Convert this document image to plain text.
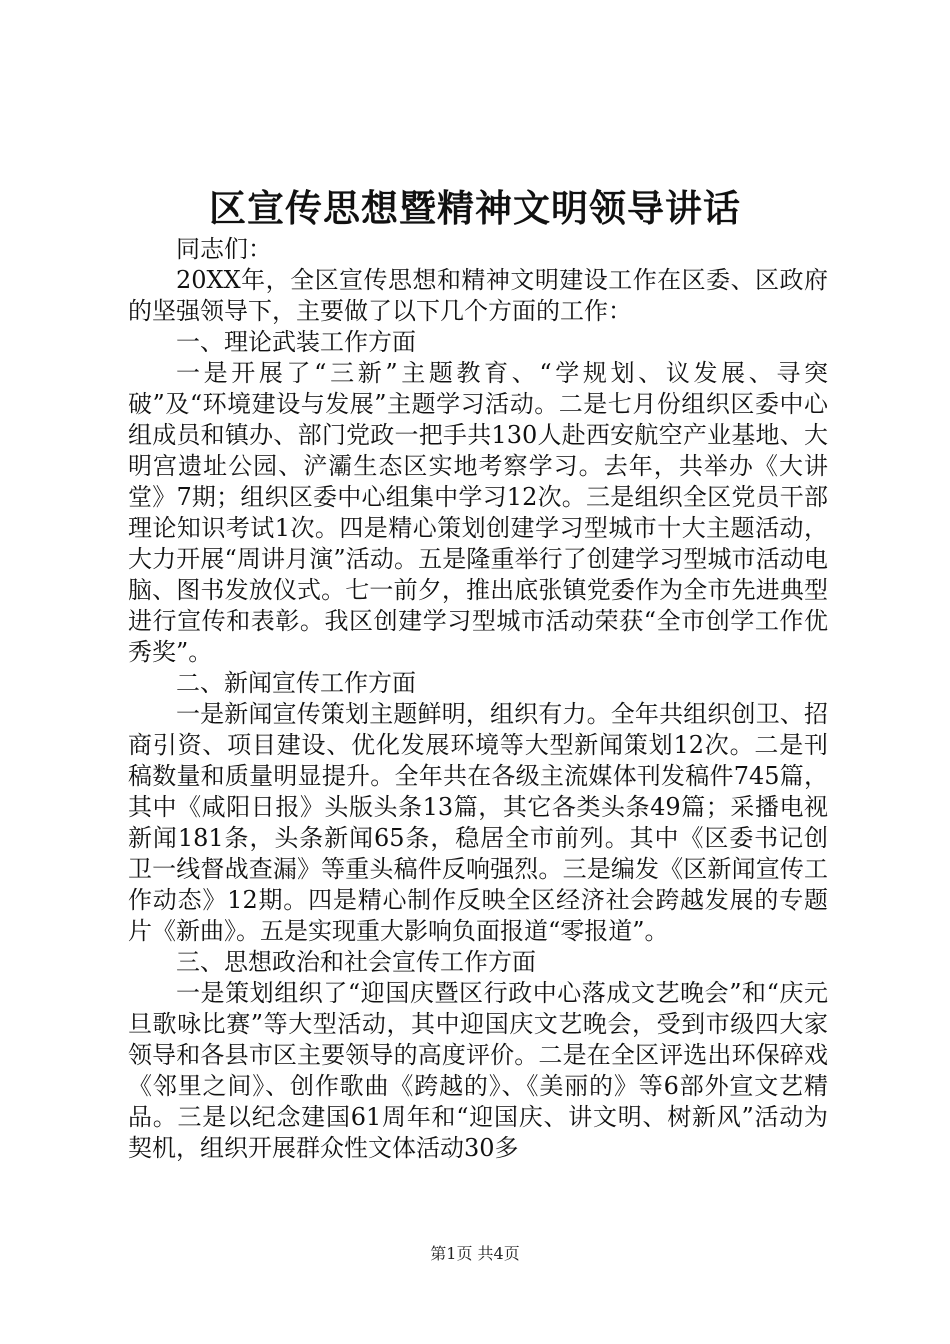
区宣传思想暨精神文明领导讲话

同志们：

20XX年，全区宣传思想和精神文明建设工作在区委、区政府的坚强领导下，主要做了以下几个方面的工作：

一、理论武装工作方面

一是开展了“三新”主题教育、“学规划、议发展、寻突破”及“环境建设与发展”主题学习活动。二是七月份组织区委中心组成员和镇办、部门党政一把手共130人赴西安航空产业基地、大明宫遗址公园、浐灞生态区实地考察学习。去年，共举办《大讲堂》7期；组织区委中心组集中学习12次。三是组织全区党员干部理论知识考试1次。四是精心策划创建学习型城市十大主题活动，大力开展“周讲月演”活动。五是隆重举行了创建学习型城市活动电脑、图书发放仪式。七一前夕，推出底张镇党委作为全市先进典型进行宣传和表彰。我区创建学习型城市活动荣获“全市创学工作优秀奖”。

二、新闻宣传工作方面

一是新闻宣传策划主题鲜明，组织有力。全年共组织创卫、招商引资、项目建设、优化发展环境等大型新闻策划12次。二是刊稿数量和质量明显提升。全年共在各级主流媒体刊发稿件745篇，其中《咸阳日报》头版头条13篇，其它各类头条49篇；采播电视新闻181条，头条新闻65条，稳居全市前列。其中《区委书记创卫一线督战查漏》等重头稿件反响强烈。三是编发《区新闻宣传工作动态》12期。四是精心制作反映全区经济社会跨越发展的专题片《新曲》。五是实现重大影响负面报道“零报道”。

三、思想政治和社会宣传工作方面

一是策划组织了“迎国庆暨区行政中心落成文艺晚会”和“庆元旦歌咏比赛”等大型活动，其中迎国庆文艺晚会，受到市级四大家领导和各县市区主要领导的高度评价。二是在全区评选出环保碎戏《邻里之间》、创作歌曲《跨越的》、《美丽的》等6部外宣文艺精品。三是以纪念建国61周年和“迎国庆、讲文明、树新风”活动为契机，组织开展群众性文体活动30多

第1页 共4页
